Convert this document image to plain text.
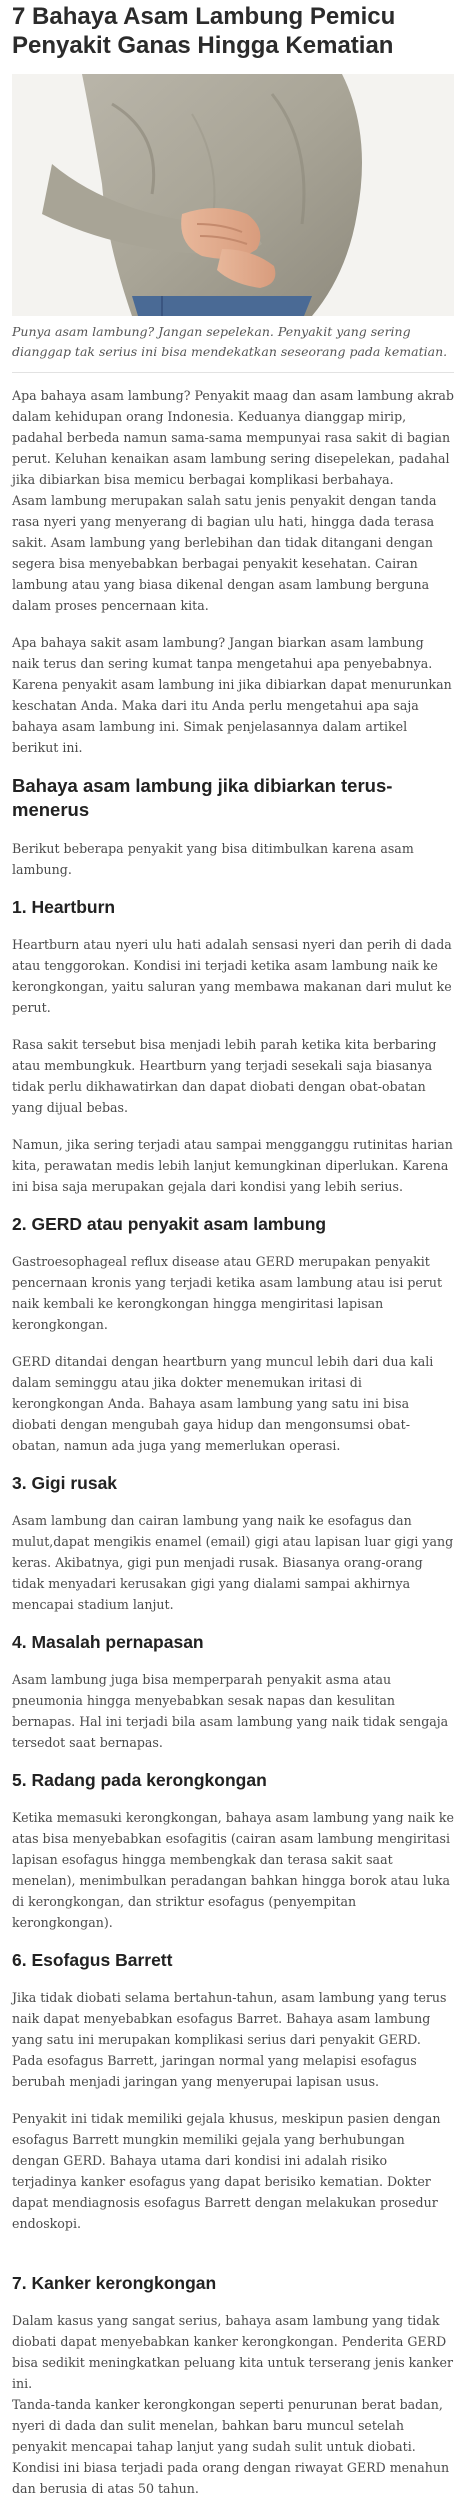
7 Bahaya Asam Lambung Pemicu Penyakit Ganas Hingga Kematian

Punya asam lambung? Jangan sepelekan. Penyakit yang sering dianggap tak serius ini bisa mendekatkan seseorang pada kematian.

Apa bahaya asam lambung? Penyakit maag dan asam lambung akrab dalam kehidupan orang Indonesia. Keduanya dianggap mirip, padahal berbeda namun sama-sama mempunyai rasa sakit di bagian perut. Keluhan kenaikan asam lambung sering disepelekan, padahal jika dibiarkan bisa memicu berbagai komplikasi berbahaya.

Asam lambung merupakan salah satu jenis penyakit dengan tanda rasa nyeri yang menyerang di bagian ulu hati, hingga dada terasa sakit. Asam lambung yang berlebihan dan tidak ditangani dengan segera bisa menyebabkan berbagai penyakit kesehatan. Cairan lambung atau yang biasa dikenal dengan asam lambung berguna dalam proses pencernaan kita.

Apa bahaya sakit asam lambung? Jangan biarkan asam lambung naik terus dan sering kumat tanpa mengetahui apa penyebabnya. Karena penyakit asam lambung ini jika dibiarkan dapat menurunkan keschatan Anda. Maka dari itu Anda perlu mengetahui apa saja bahaya asam lambung ini. Simak penjelasannya dalam artikel berikut ini.

Bahaya asam lambung jika dibiarkan terus-menerus

Berikut beberapa penyakit yang bisa ditimbulkan karena asam lambung.

1. Heartburn

Heartburn atau nyeri ulu hati adalah sensasi nyeri dan perih di dada atau tenggorokan. Kondisi ini terjadi ketika asam lambung naik ke kerongkongan, yaitu saluran yang membawa makanan dari mulut ke perut.

Rasa sakit tersebut bisa menjadi lebih parah ketika kita berbaring atau membungkuk. Heartburn yang terjadi sesekali saja biasanya tidak perlu dikhawatirkan dan dapat diobati dengan obat-obatan yang dijual bebas.

Namun, jika sering terjadi atau sampai mengganggu rutinitas harian kita, perawatan medis lebih lanjut kemungkinan diperlukan. Karena ini bisa saja merupakan gejala dari kondisi yang lebih serius.

2. GERD atau penyakit asam lambung

Gastroesophageal reflux disease atau GERD merupakan penyakit pencernaan kronis yang terjadi ketika asam lambung atau isi perut naik kembali ke kerongkongan hingga mengiritasi lapisan kerongkongan.

GERD ditandai dengan heartburn yang muncul lebih dari dua kali dalam seminggu atau jika dokter menemukan iritasi di kerongkongan Anda. Bahaya asam lambung yang satu ini bisa diobati dengan mengubah gaya hidup dan mengonsumsi obat-obatan, namun ada juga yang memerlukan operasi.

3. Gigi rusak

Asam lambung dan cairan lambung yang naik ke esofagus dan mulut,dapat mengikis enamel (email) gigi atau lapisan luar gigi yang keras. Akibatnya, gigi pun menjadi rusak. Biasanya orang-orang tidak menyadari kerusakan gigi yang dialami sampai akhirnya mencapai stadium lanjut.

4. Masalah pernapasan

Asam lambung juga bisa memperparah penyakit asma atau pneumonia hingga menyebabkan sesak napas dan kesulitan bernapas. Hal ini terjadi bila asam lambung yang naik tidak sengaja tersedot saat bernapas.

5. Radang pada kerongkongan

Ketika memasuki kerongkongan, bahaya asam lambung yang naik ke atas bisa menyebabkan esofagitis (cairan asam lambung mengiritasi lapisan esofagus hingga membengkak dan terasa sakit saat menelan), menimbulkan peradangan bahkan hingga borok atau luka di kerongkongan, dan striktur esofagus (penyempitan kerongkongan).

6. Esofagus Barrett

Jika tidak diobati selama bertahun-tahun, asam lambung yang terus naik dapat menyebabkan esofagus Barret. Bahaya asam lambung yang satu ini merupakan komplikasi serius dari penyakit GERD. Pada esofagus Barrett, jaringan normal yang melapisi esofagus berubah menjadi jaringan yang menyerupai lapisan usus.

Penyakit ini tidak memiliki gejala khusus, meskipun pasien dengan esofagus Barrett mungkin memiliki gejala yang berhubungan dengan GERD. Bahaya utama dari kondisi ini adalah risiko terjadinya kanker esofagus yang dapat berisiko kematian. Dokter dapat mendiagnosis esofagus Barrett dengan melakukan prosedur endoskopi.

7. Kanker kerongkongan

Dalam kasus yang sangat serius, bahaya asam lambung yang tidak diobati dapat menyebabkan kanker kerongkongan. Penderita GERD bisa sedikit meningkatkan peluang kita untuk terserang jenis kanker ini.

Tanda-tanda kanker kerongkongan seperti penurunan berat badan, nyeri di dada dan sulit menelan, bahkan baru muncul setelah penyakit mencapai tahap lanjut yang sudah sulit untuk diobati. Kondisi ini biasa terjadi pada orang dengan riwayat GERD menahun dan berusia di atas 50 tahun.
